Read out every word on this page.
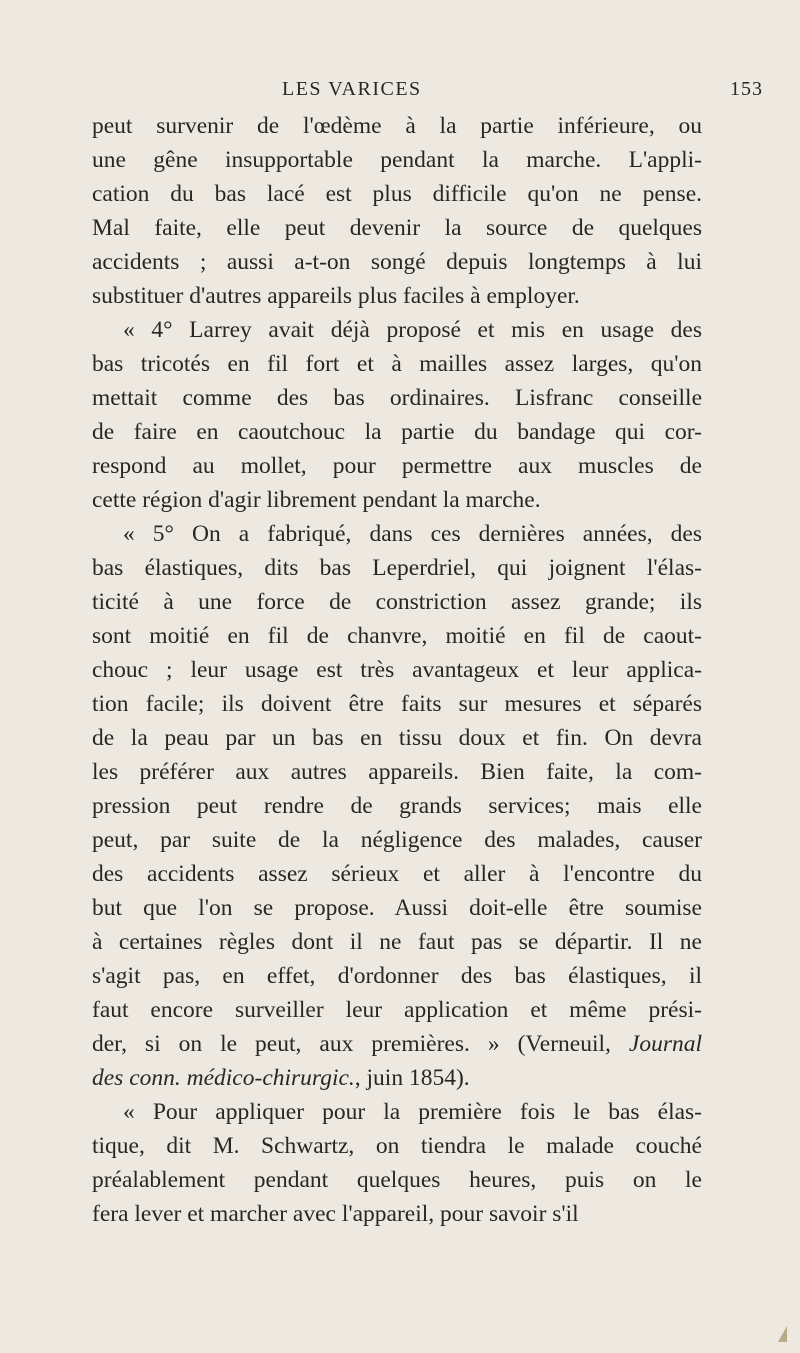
LES VARICES	153
peut survenir de l'œdème à la partie inférieure, ou
une gêne insupportable pendant la marche. L'appli-
cation du bas lacé est plus difficile qu'on ne pense.
Mal faite, elle peut devenir la source de quelques
accidents ; aussi a-t-on songé depuis longtemps à lui
substituer d'autres appareils plus faciles à employer.
« 4° Larrey avait déjà proposé et mis en usage des
bas tricotés en fil fort et à mailles assez larges, qu'on
mettait comme des bas ordinaires. Lisfranc conseille
de faire en caoutchouc la partie du bandage qui cor-
respond au mollet, pour permettre aux muscles de
cette région d'agir librement pendant la marche.
« 5° On a fabriqué, dans ces dernières années, des
bas élastiques, dits bas Leperdriel, qui joignent l'élas-
ticité à une force de constriction assez grande; ils
sont moitié en fil de chanvre, moitié en fil de caout-
chouc ; leur usage est très avantageux et leur applica-
tion facile; ils doivent être faits sur mesures et séparés
de la peau par un bas en tissu doux et fin. On devra
les préférer aux autres appareils. Bien faite, la com-
pression peut rendre de grands services; mais elle
peut, par suite de la négligence des malades, causer
des accidents assez sérieux et aller à l'encontre du
but que l'on se propose. Aussi doit-elle être soumise
à certaines règles dont il ne faut pas se départir. Il ne
s'agit pas, en effet, d'ordonner des bas élastiques, il
faut encore surveiller leur application et même prési-
der, si on le peut, aux premières. » (Verneuil, Journal
des conn. médico-chirurgic., juin 1854).
« Pour appliquer pour la première fois le bas élas-
tique, dit M. Schwartz, on tiendra le malade couché
préalablement pendant quelques heures, puis on le
fera lever et marcher avec l'appareil, pour savoir s'il
